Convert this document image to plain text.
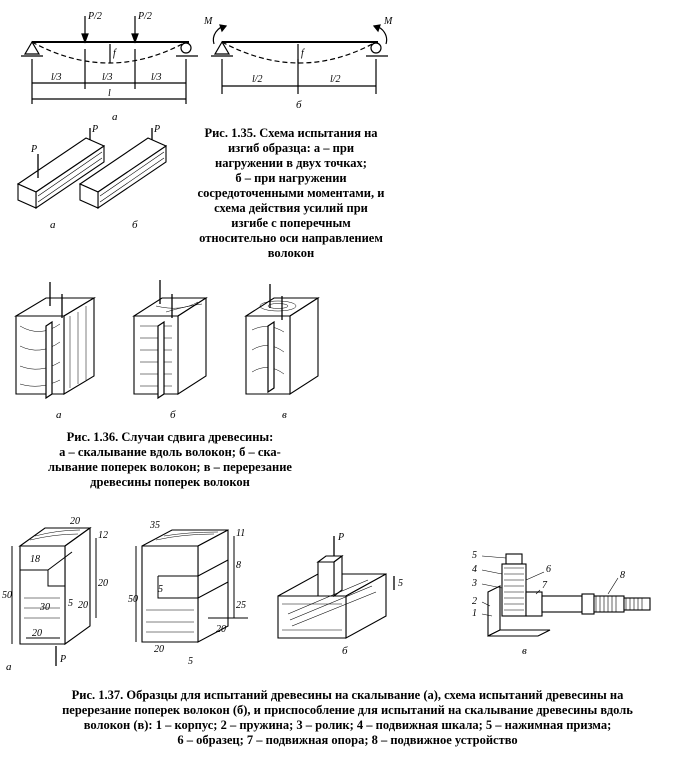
P/2	P/2
f
l/3	l/3	l/3
l
а
M	M
f
l/2	l/2
б
P
P	P
а	б
Рис. 1.35. Схема испытания на
изгиб образца: а – при
нагружении в двух точках;
б – при нагружении
сосредоточенными моментами, и
схема действия усилий при
изгибе с поперечным
относительно оси направлением
волокон
а	б	в
Рис. 1.36. Случаи сдвига древесины:
а – скалывание вдоль волокон; б – ска-
лывание поперек волокон; в – перерезание
древесины поперек волокон
20
12
18
50
30 5 20
20
20
P
а
35
11
8
5
25
20
20
5
50
P
5
б
5
4
3
2
1
6
7
8
в
Рис. 1.37. Образцы для испытаний древесины на скалывание (а), схема испытаний древесины на
перерезание поперек волокон (б), и приспособление для испытаний на скалывание древесины вдоль
волокон (в): 1 – корпус; 2 – пружина; 3 – ролик; 4 – подвижная шкала; 5 – нажимная призма;
6 – образец; 7 – подвижная опора; 8 – подвижное устройство
